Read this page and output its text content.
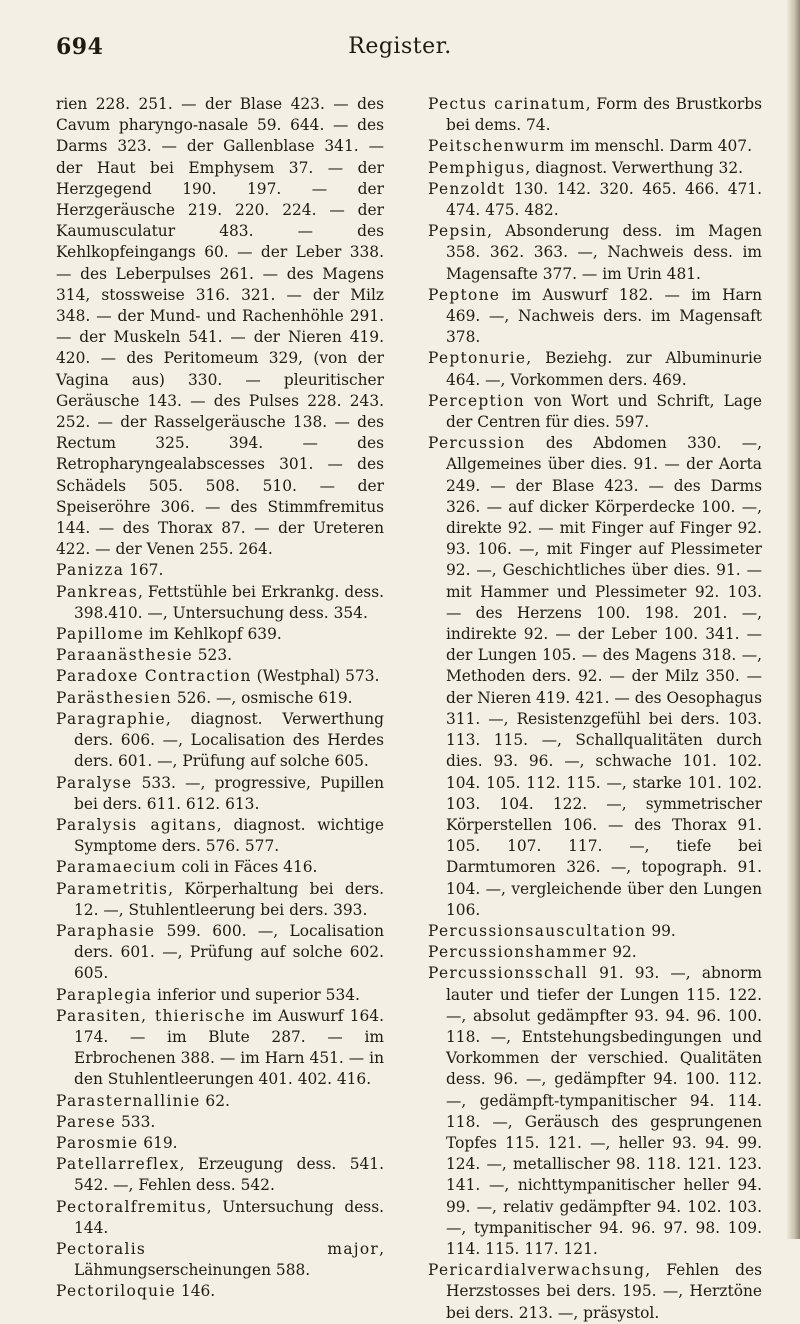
694	Register.

rien 228. 251. — der Blase 423. — des Cavum pharyngo-nasale 59. 644. — des Darms 323. — der Gallenblase 341. — der Haut bei Emphysem 37. — der Herzgegend 190. 197. — der Herzgeräusche 219. 220. 224. — der Kaumusculatur 483. — des Kehlkopfeingangs 60. — der Leber 338. — des Leberpulses 261. — des Magens 314, stossweise 316. 321. — der Milz 348. — der Mund- und Rachenhöhle 291. — der Muskeln 541. — der Nieren 419. 420. — des Peritomeum 329, (von der Vagina aus) 330. — pleuritischer Geräusche 143. — des Pulses 228. 243. 252. — der Rasselgeräusche 138. — des Rectum 325. 394. — des Retropharyngealabscesses 301. — des Schädels 505. 508. 510. — der Speiseröhre 306. — des Stimmfremitus 144. — des Thorax 87. — der Ureteren 422. — der Venen 255. 264.

Panizza 167.

Pankreas, Fettstühle bei Erkrankg. dess. 398.410. —, Untersuchung dess. 354.

Papillome im Kehlkopf 639.

Paraanästhesie 523.

Paradoxe Contraction (Westphal) 573.

Parästhesien 526. —, osmische 619.

Paragraphie, diagnost. Verwerthung ders. 606. —, Localisation des Herdes ders. 601. —, Prüfung auf solche 605.

Paralyse 533. —, progressive, Pupillen bei ders. 611. 612. 613.

Paralysis agitans, diagnost. wichtige Symptome ders. 576. 577.

Paramaecium coli in Fäces 416.

Parametritis, Körperhaltung bei ders. 12. —, Stuhlentleerung bei ders. 393.

Paraphasie 599. 600. —, Localisation ders. 601. —, Prüfung auf solche 602. 605.

Paraplegia inferior und superior 534.

Parasiten, thierische im Auswurf 164. 174. — im Blute 287. — im Erbrochenen 388. — im Harn 451. — in den Stuhlentleerungen 401. 402. 416.

Parasternallinie 62.

Parese 533.

Parosmie 619.

Patellarreflex, Erzeugung dess. 541. 542. —, Fehlen dess. 542.

Pectoralfremitus, Untersuchung dess. 144.

Pectoralis major, Lähmungserscheinungen 588.

Pectoriloquie 146.

Pectus carinatum, Form des Brustkorbs bei dems. 74.

Peitschenwurm im menschl. Darm 407.

Pemphigus, diagnost. Verwerthung 32.

Penzoldt 130. 142. 320. 465. 466. 471. 474. 475. 482.

Pepsin, Absonderung dess. im Magen 358. 362. 363. —, Nachweis dess. im Magensafte 377. — im Urin 481.

Peptone im Auswurf 182. — im Harn 469. —, Nachweis ders. im Magensaft 378.

Peptonurie, Beziehg. zur Albuminurie 464. —, Vorkommen ders. 469.

Perception von Wort und Schrift, Lage der Centren für dies. 597.

Percussion des Abdomen 330. —, Allgemeines über dies. 91. — der Aorta 249. — der Blase 423. — des Darms 326. — auf dicker Körperdecke 100. —, direkte 92. — mit Finger auf Finger 92. 93. 106. —, mit Finger auf Plessimeter 92. —, Geschichtliches über dies. 91. — mit Hammer und Plessimeter 92. 103. — des Herzens 100. 198. 201. —, indirekte 92. — der Leber 100. 341. — der Lungen 105. — des Magens 318. —, Methoden ders. 92. — der Milz 350. — der Nieren 419. 421. — des Oesophagus 311. —, Resistenzgefühl bei ders. 103. 113. 115. —, Schallqualitäten durch dies. 93. 96. —, schwache 101. 102. 104. 105. 112. 115. —, starke 101. 102. 103. 104. 122. —, symmetrischer Körperstellen 106. — des Thorax 91. 105. 107. 117. —, tiefe bei Darmtumoren 326. —, topograph. 91. 104. —, vergleichende über den Lungen 106.

Percussionsauscultation 99.

Percussionshammer 92.

Percussionsschall 91. 93. —, abnorm lauter und tiefer der Lungen 115. 122. —, absolut gedämpfter 93. 94. 96. 100. 118. —, Entstehungsbedingungen und Vorkommen der verschied. Qualitäten dess. 96. —, gedämpfter 94. 100. 112. —, gedämpft-tympanitischer 94. 114. 118. —, Geräusch des gesprungenen Topfes 115. 121. —, heller 93. 94. 99. 124. —, metallischer 98. 118. 121. 123. 141. —, nichttympanitischer heller 94. 99. —, relativ gedämpfter 94. 102. 103. —, tympanitischer 94. 96. 97. 98. 109. 114. 115. 117. 121.

Pericardialverwachsung, Fehlen des Herzstosses bei ders. 195. —, Herztöne bei ders. 213. —, präsystol.
